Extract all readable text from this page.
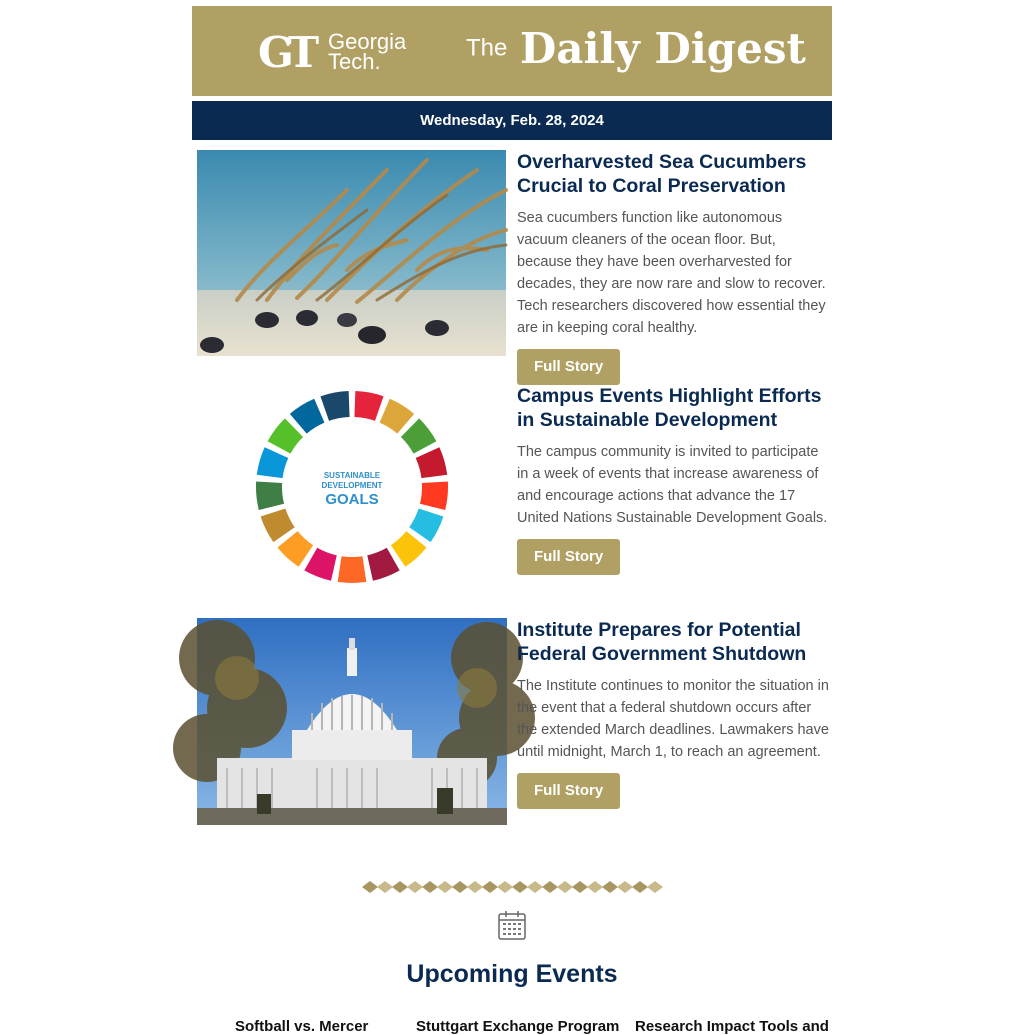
GT Georgia
Tech.	The Daily Digest
Wednesday, Feb. 28, 2024
Overharvested Sea Cucumbers Crucial to Coral Preservation

Sea cucumbers function like autonomous vacuum cleaners of the ocean floor. But, because they have been overharvested for decades, they are now rare and slow to recover. Tech researchers discovered how essential they are in keeping coral healthy.

Full Story
SUSTAINABLE
DEVELOPMENT
GOALS
Campus Events Highlight Efforts in Sustainable Development

The campus community is invited to participate in a week of events that increase awareness of and encourage actions that advance the 17 United Nations Sustainable Development Goals.

Full Story
Institute Prepares for Potential Federal Government Shutdown

The Institute continues to monitor the situation in the event that a federal shutdown occurs after the extended March deadlines. Lawmakers have until midnight, March 1, to reach an agreement.

Full Story
Upcoming Events
Softball vs. Mercer	Stuttgart Exchange Program Research Impact Tools and
